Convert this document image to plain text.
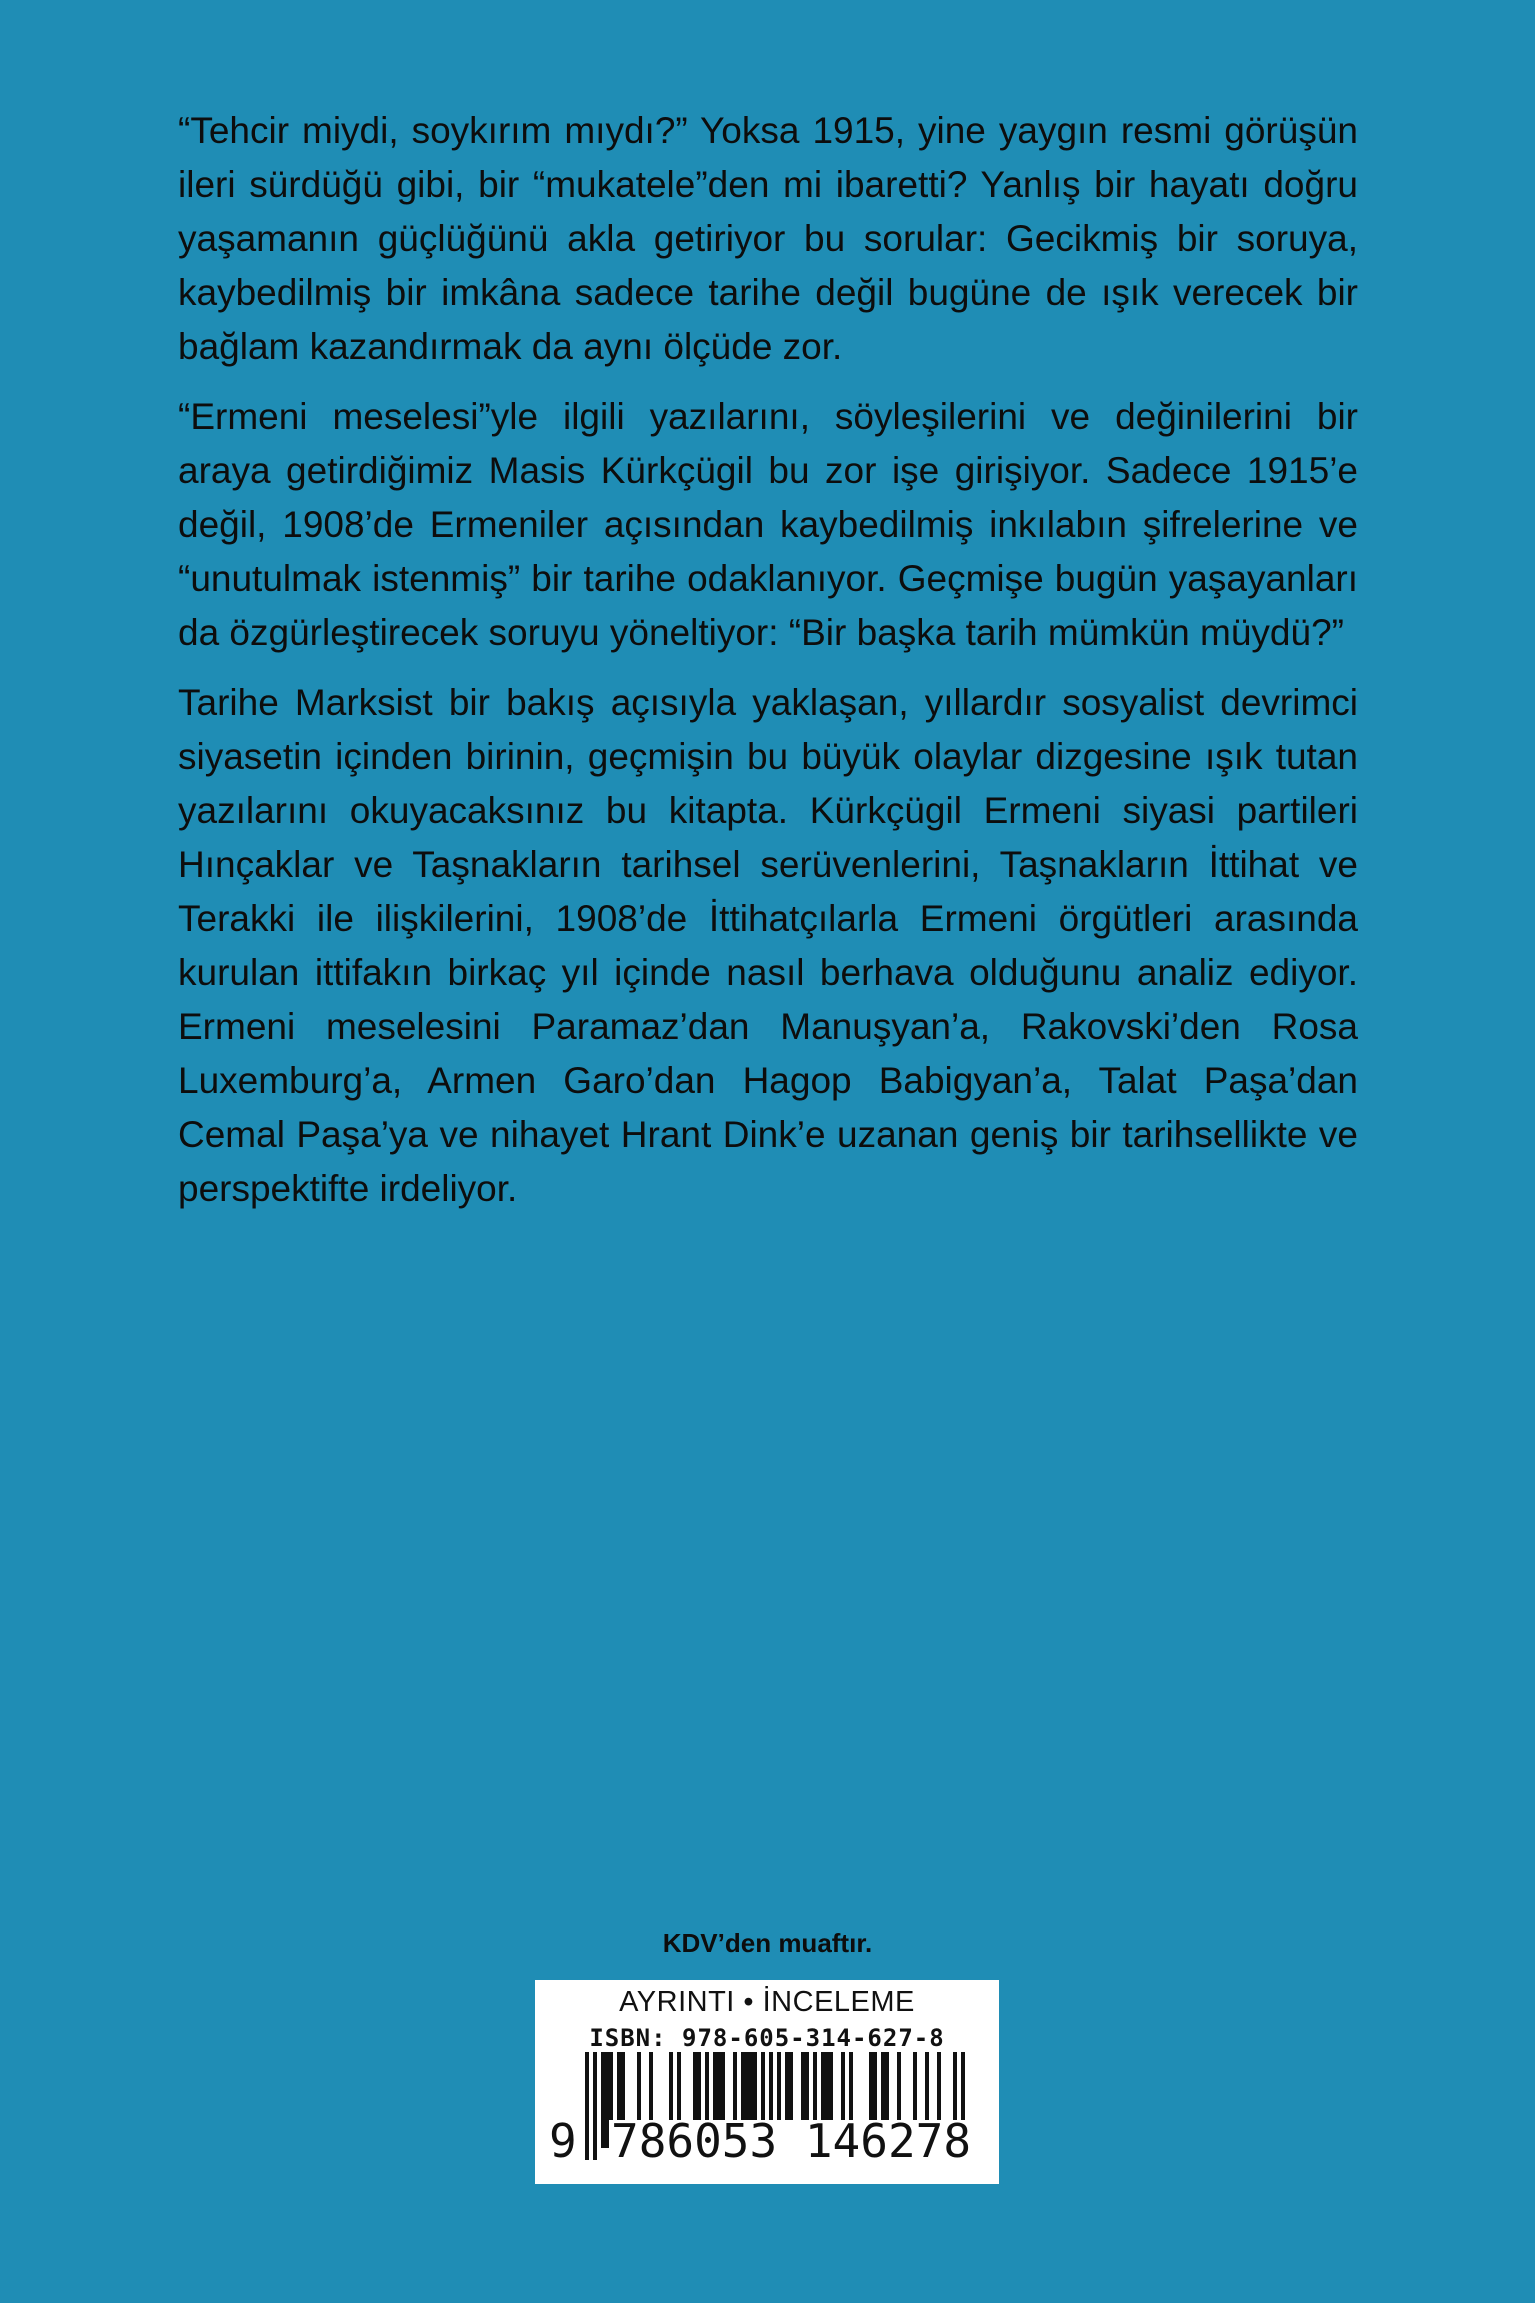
“Tehcir miydi, soykırım mıydı?” Yoksa 1915, yine yaygın resmi görüşün ileri sürdüğü gibi, bir “mukatele”den mi ibaretti? Yanlış bir hayatı doğru yaşamanın güçlüğünü akla getiriyor bu sorular: Gecikmiş bir soruya, kaybedilmiş bir imkâna sadece tarihe değil bugüne de ışık verecek bir bağlam kazandırmak da aynı ölçüde zor.

“Ermeni meselesi”yle ilgili yazılarını, söyleşilerini ve değinilerini bir araya getirdiğimiz Masis Kürkçügil bu zor işe girişiyor. Sadece 1915’e değil, 1908’de Ermeniler açısından kaybedilmiş inkılabın şifrelerine ve “unutulmak istenmiş” bir tarihe odaklanıyor. Geçmişe bugün yaşayanları da özgürleştirecek soruyu yöneltiyor: “Bir başka tarih mümkün müydü?”

Tarihe Marksist bir bakış açısıyla yaklaşan, yıllardır sosyalist devrimci siyasetin içinden birinin, geçmişin bu büyük olaylar dizgesine ışık tutan yazılarını okuyacaksınız bu kitapta. Kürkçügil Ermeni siyasi partileri Hınçaklar ve Taşnakların tarihsel serüvenlerini, Taşnakların İttihat ve Terakki ile ilişkilerini, 1908’de İttihatçılarla Ermeni örgütleri arasında kurulan ittifakın birkaç yıl içinde nasıl berhava olduğunu analiz ediyor. Ermeni meselesini Paramaz’dan Manuşyan’a, Rakovski’den Rosa Luxemburg’a, Armen Garo’dan Hagop Babigyan’a, Talat Paşa’dan Cemal Paşa’ya ve nihayet Hrant Dink’e uzanan geniş bir tarihsellikte ve perspektifte irdeliyor.

KDV’den muaftır.
AYRINTI • İNCELEME
ISBN: 978-605-314-627-8
9 786053 146278
